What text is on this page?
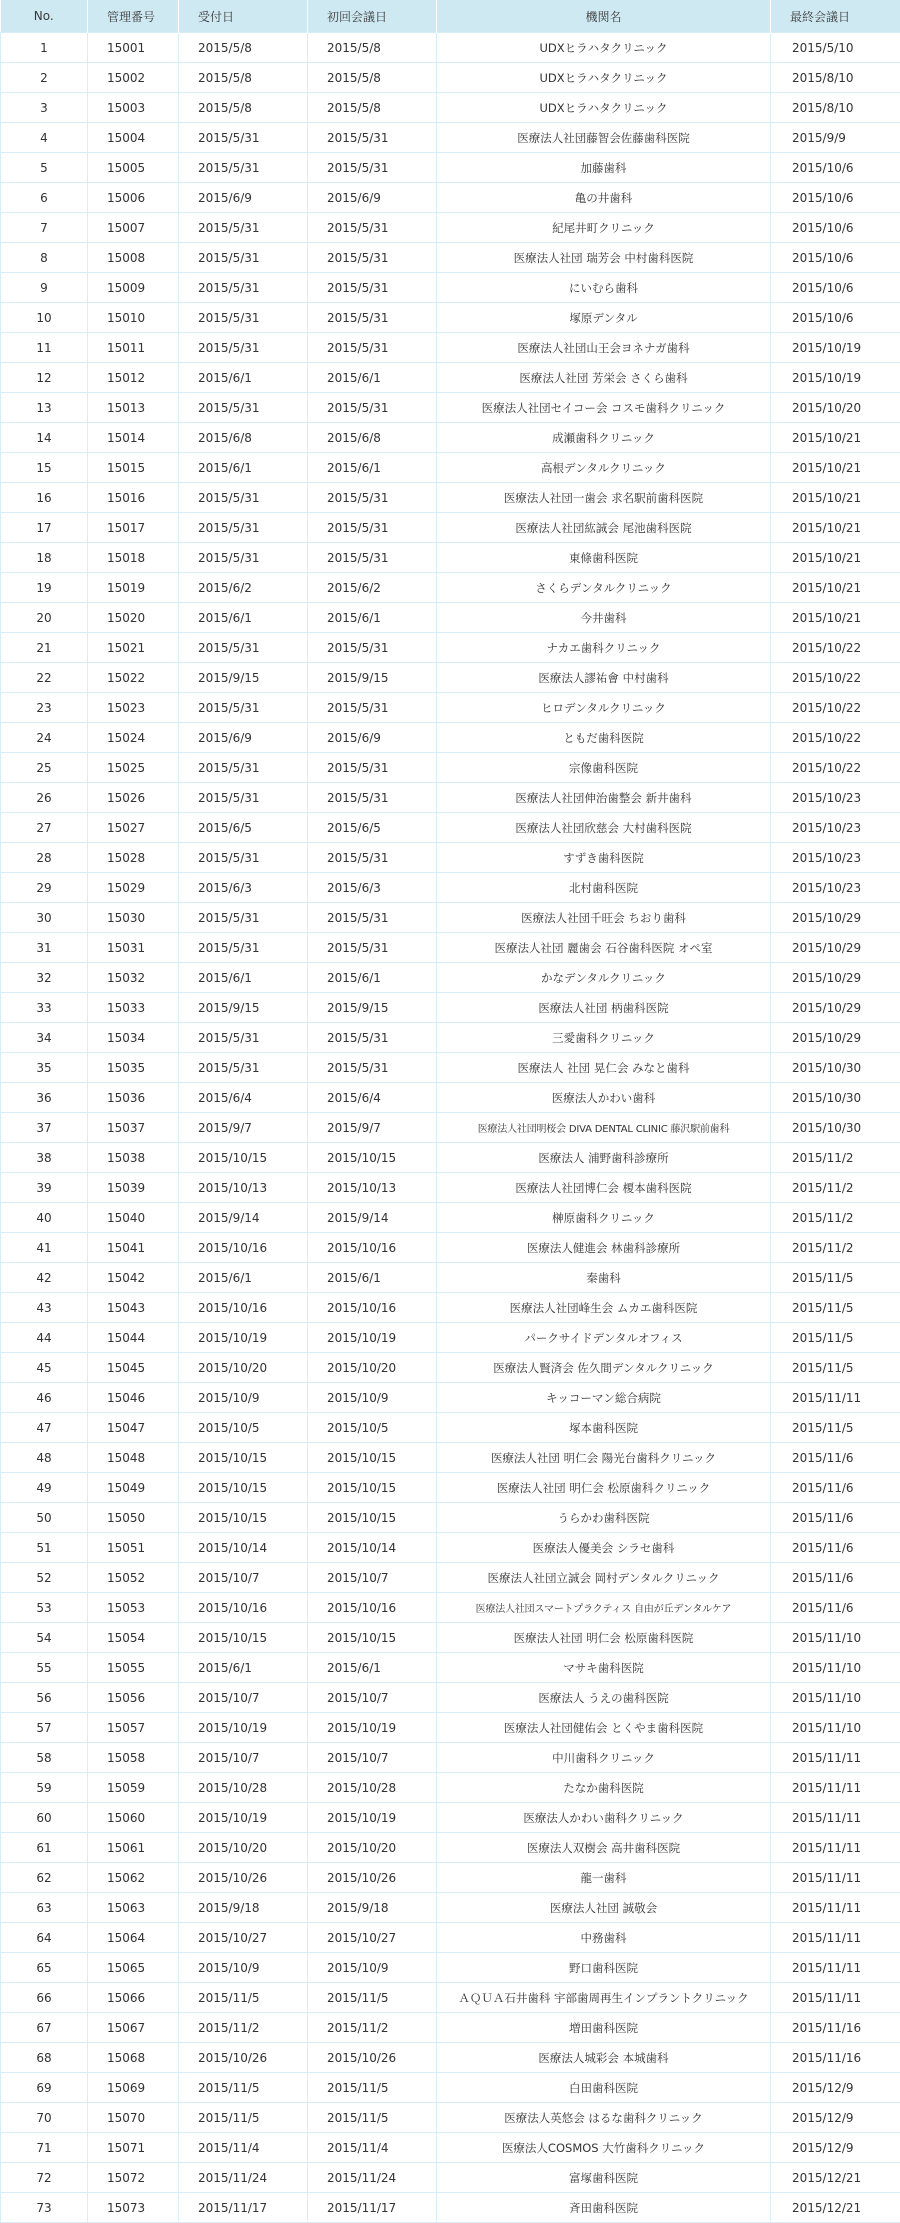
No.	管理番号	受付日	初回会議日	機関名	最終会議日
1	15001	2015/5/8	2015/5/8	UDXヒラハタクリニック	2015/5/10
2	15002	2015/5/8	2015/5/8	UDXヒラハタクリニック	2015/8/10
3	15003	2015/5/8	2015/5/8	UDXヒラハタクリニック	2015/8/10
4	15004	2015/5/31	2015/5/31	医療法人社団藤智会佐藤歯科医院	2015/9/9
5	15005	2015/5/31	2015/5/31	加藤歯科	2015/10/6
6	15006	2015/6/9	2015/6/9	亀の井歯科	2015/10/6
7	15007	2015/5/31	2015/5/31	紀尾井町クリニック	2015/10/6
8	15008	2015/5/31	2015/5/31	医療法人社団 瑞芳会 中村歯科医院	2015/10/6
9	15009	2015/5/31	2015/5/31	にいむら歯科	2015/10/6
10	15010	2015/5/31	2015/5/31	塚原デンタル	2015/10/6
11	15011	2015/5/31	2015/5/31	医療法人社団山王会ヨネナガ歯科	2015/10/19
12	15012	2015/6/1	2015/6/1	医療法人社団 芳栄会 さくら歯科	2015/10/19
13	15013	2015/5/31	2015/5/31	医療法人社団セイコー会 コスモ歯科クリニック	2015/10/20
14	15014	2015/6/8	2015/6/8	成瀬歯科クリニック	2015/10/21
15	15015	2015/6/1	2015/6/1	高根デンタルクリニック	2015/10/21
16	15016	2015/5/31	2015/5/31	医療法人社団一歯会 求名駅前歯科医院	2015/10/21
17	15017	2015/5/31	2015/5/31	医療法人社団紘誠会 尾池歯科医院	2015/10/21
18	15018	2015/5/31	2015/5/31	東條歯科医院	2015/10/21
19	15019	2015/6/2	2015/6/2	さくらデンタルクリニック	2015/10/21
20	15020	2015/6/1	2015/6/1	今井歯科	2015/10/21
21	15021	2015/5/31	2015/5/31	ナカエ歯科クリニック	2015/10/22
22	15022	2015/9/15	2015/9/15	医療法人謬祐會 中村歯科	2015/10/22
23	15023	2015/5/31	2015/5/31	ヒロデンタルクリニック	2015/10/22
24	15024	2015/6/9	2015/6/9	ともだ歯科医院	2015/10/22
25	15025	2015/5/31	2015/5/31	宗像歯科医院	2015/10/22
26	15026	2015/5/31	2015/5/31	医療法人社団伸治歯整会 新井歯科	2015/10/23
27	15027	2015/6/5	2015/6/5	医療法人社団欣慈会 大村歯科医院	2015/10/23
28	15028	2015/5/31	2015/5/31	すずき歯科医院	2015/10/23
29	15029	2015/6/3	2015/6/3	北村歯科医院	2015/10/23
30	15030	2015/5/31	2015/5/31	医療法人社団千旺会 ちおり歯科	2015/10/29
31	15031	2015/5/31	2015/5/31	医療法人社団 麗歯会 石谷歯科医院 オペ室	2015/10/29
32	15032	2015/6/1	2015/6/1	かなデンタルクリニック	2015/10/29
33	15033	2015/9/15	2015/9/15	医療法人社団 柄歯科医院	2015/10/29
34	15034	2015/5/31	2015/5/31	三愛歯科クリニック	2015/10/29
35	15035	2015/5/31	2015/5/31	医療法人 社団 晃仁会 みなと歯科	2015/10/30
36	15036	2015/6/4	2015/6/4	医療法人かわい歯科	2015/10/30
37	15037	2015/9/7	2015/9/7	医療法人社団明桜会 DIVA DENTAL CLINIC 藤沢駅前歯科	2015/10/30
38	15038	2015/10/15	2015/10/15	医療法人 浦野歯科診療所	2015/11/2
39	15039	2015/10/13	2015/10/13	医療法人社団博仁会 榎本歯科医院	2015/11/2
40	15040	2015/9/14	2015/9/14	榊原歯科クリニック	2015/11/2
41	15041	2015/10/16	2015/10/16	医療法人健進会 林歯科診療所	2015/11/2
42	15042	2015/6/1	2015/6/1	秦歯科	2015/11/5
43	15043	2015/10/16	2015/10/16	医療法人社団峰生会 ムカエ歯科医院	2015/11/5
44	15044	2015/10/19	2015/10/19	パークサイドデンタルオフィス	2015/11/5
45	15045	2015/10/20	2015/10/20	医療法人賢済会 佐久間デンタルクリニック	2015/11/5
46	15046	2015/10/9	2015/10/9	キッコーマン総合病院	2015/11/11
47	15047	2015/10/5	2015/10/5	塚本歯科医院	2015/11/5
48	15048	2015/10/15	2015/10/15	医療法人社団 明仁会 陽光台歯科クリニック	2015/11/6
49	15049	2015/10/15	2015/10/15	医療法人社団 明仁会 松原歯科クリニック	2015/11/6
50	15050	2015/10/15	2015/10/15	うらかわ歯科医院	2015/11/6
51	15051	2015/10/14	2015/10/14	医療法人優美会 シラセ歯科	2015/11/6
52	15052	2015/10/7	2015/10/7	医療法人社団立誠会 岡村デンタルクリニック	2015/11/6
53	15053	2015/10/16	2015/10/16	医療法人社団スマートプラクティス 自由が丘デンタルケア	2015/11/6
54	15054	2015/10/15	2015/10/15	医療法人社団 明仁会 松原歯科医院	2015/11/10
55	15055	2015/6/1	2015/6/1	マサキ歯科医院	2015/11/10
56	15056	2015/10/7	2015/10/7	医療法人 うえの歯科医院	2015/11/10
57	15057	2015/10/19	2015/10/19	医療法人社団健佑会 とくやま歯科医院	2015/11/10
58	15058	2015/10/7	2015/10/7	中川歯科クリニック	2015/11/11
59	15059	2015/10/28	2015/10/28	たなか歯科医院	2015/11/11
60	15060	2015/10/19	2015/10/19	医療法人かわい歯科クリニック	2015/11/11
61	15061	2015/10/20	2015/10/20	医療法人双樹会 高井歯科医院	2015/11/11
62	15062	2015/10/26	2015/10/26	龍一歯科	2015/11/11
63	15063	2015/9/18	2015/9/18	医療法人社団 誠敬会	2015/11/11
64	15064	2015/10/27	2015/10/27	中務歯科	2015/11/11
65	15065	2015/10/9	2015/10/9	野口歯科医院	2015/11/11
66	15066	2015/11/5	2015/11/5	ＡＱＵＡ石井歯科 宇部歯周再生インプラントクリニック	2015/11/11
67	15067	2015/11/2	2015/11/2	増田歯科医院	2015/11/16
68	15068	2015/10/26	2015/10/26	医療法人城彩会 本城歯科	2015/11/16
69	15069	2015/11/5	2015/11/5	白田歯科医院	2015/12/9
70	15070	2015/11/5	2015/11/5	医療法人英悠会 はるな歯科クリニック	2015/12/9
71	15071	2015/11/4	2015/11/4	医療法人COSMOS 大竹歯科クリニック	2015/12/9
72	15072	2015/11/24	2015/11/24	富塚歯科医院	2015/12/21
73	15073	2015/11/17	2015/11/17	斉田歯科医院	2015/12/21
